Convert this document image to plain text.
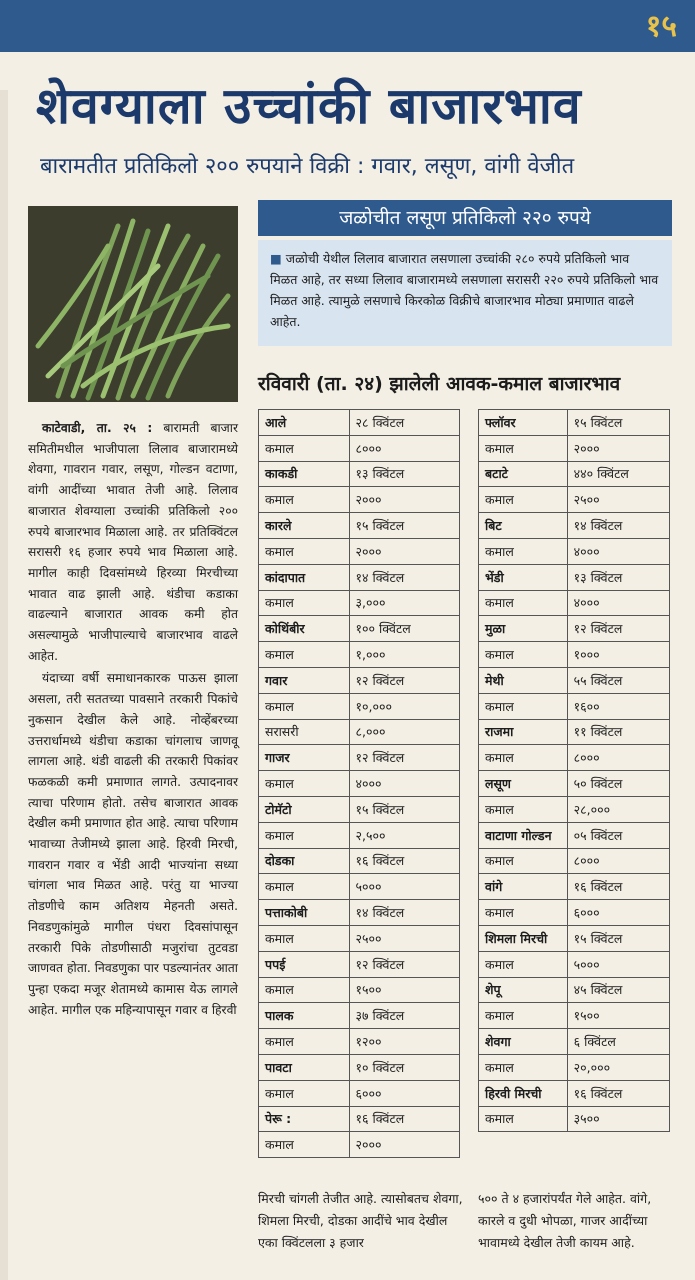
१५
शेवग्याला उच्चांकी बाजारभाव
बारामतीत प्रतिकिलो २०० रुपयाने विक्री : गवार, लसूण, वांगी वेजीत

काटेवाडी, ता. २५ : बारामती बाजार समितीमधील भाजीपाला लिलाव बाजारामध्ये शेवगा, गावरान गवार, लसूण, गोल्डन वटाणा, वांगी आदींच्या भावात तेजी आहे. लिलाव बाजारात शेवग्याला उच्चांकी प्रतिकिलो २०० रुपये बाजारभाव मिळाला आहे. तर प्रतिक्विंटल सरासरी १६ हजार रुपये भाव मिळाला आहे. मागील काही दिवसांमध्ये हिरव्या मिरचीच्या भावात वाढ झाली आहे. थंडीचा कडाका वाढल्याने बाजारात आवक कमी होत असल्यामुळे भाजीपाल्याचे बाजारभाव वाढले आहेत.

यंदाच्या वर्षी समाधानकारक पाऊस झाला असला, तरी सततच्या पावसाने तरकारी पिकांचे नुकसान देखील केले आहे. नोव्हेंबरच्या उत्तरार्धामध्ये थंडीचा कडाका चांगलाच जाणवू लागला आहे. थंडी वाढली की तरकारी पिकांवर फळकळी कमी प्रमाणात लागते. उत्पादनावर त्याचा परिणाम होतो. तसेच बाजारात आवक देखील कमी प्रमाणात होत आहे. त्याचा परिणाम भावाच्या तेजीमध्ये झाला आहे. हिरवी मिरची, गावरान गवार व भेंडी आदी भाज्यांना सध्या चांगला भाव मिळत आहे. परंतु या भाज्या तोडणीचे काम अतिशय मेहनती असते. निवडणुकांमुळे मागील पंधरा दिवसांपासून तरकारी पिके तोडणीसाठी मजुरांचा तुटवडा जाणवत होता. निवडणुका पार पडल्यानंतर आता पुन्हा एकदा मजूर शेतामध्ये कामास येऊ लागले आहेत. मागील एक महिन्यापासून गवार व हिरवी

जळोचीत लसूण प्रतिकिलो २२० रुपये
■ जळोची येथील लिलाव बाजारात लसणाला उच्चांकी २८० रुपये प्रतिकिलो भाव मिळत आहे, तर सध्या लिलाव बाजारामध्ये लसणाला सरासरी २२० रुपये प्रतिकिलो भाव मिळत आहे. त्यामुळे लसणाचे किरकोळ विक्रीचे बाजारभाव मोठ्या प्रमाणात वाढले आहेत.
रविवारी (ता. २४) झालेली आवक-कमाल बाजारभाव
आले	२८ क्विंटल
कमाल	८०००
काकडी	१३ क्विंटल
कमाल	२०००
कारले	१५ क्विंटल
कमाल	२०००
कांदापात	१४ क्विंटल
कमाल	३,०००
कोथिंबीर	१०० क्विंटल
कमाल	१,०००
गवार	१२ क्विंटल
कमाल	१०,०००
सरासरी	८,०००
गाजर	१२ क्विंटल
कमाल	४०००
टोमॅटो	१५ क्विंटल
कमाल	२,५००
दोडका	१६ क्विंटल
कमाल	५०००
पत्ताकोबी	१४ क्विंटल
कमाल	२५००
पपई	१२ क्विंटल
कमाल	१५००
पालक	३७ क्विंटल
कमाल	१२००
पावटा	१० क्विंटल
कमाल	६०००
पेरू :	१६ क्विंटल
कमाल	२०००
फ्लॉवर	१५ क्विंटल
कमाल	२०००
बटाटे	४४० क्विंटल
कमाल	२५००
बिट	१४ क्विंटल
कमाल	४०००
भेंडी	१३ क्विंटल
कमाल	४०००
मुळा	१२ क्विंटल
कमाल	१०००
मेथी	५५ क्विंटल
कमाल	१६००
राजमा	११ क्विंटल
कमाल	८०००
लसूण	५० क्विंटल
कमाल	२८,०००
वाटाणा गोल्डन	०५ क्विंटल
कमाल	८०००
वांगे	१६ क्विंटल
कमाल	६०००
शिमला मिरची	१५ क्विंटल
कमाल	५०००
शेपू	४५ क्विंटल
कमाल	१५००
शेवगा	६ क्विंटल
कमाल	२०,०००
हिरवी मिरची	१६ क्विंटल
कमाल	३५००
मिरची चांगली तेजीत आहे. त्यासोबतच शेवगा, शिमला मिरची, दोडका आदींचे भाव देखील एका क्विंटलला ३ हजार
५०० ते ४ हजारांपर्यंत गेले आहेत. वांगे, कारले व दुधी भोपळा, गाजर आदींच्या भावामध्ये देखील तेजी कायम आहे.
